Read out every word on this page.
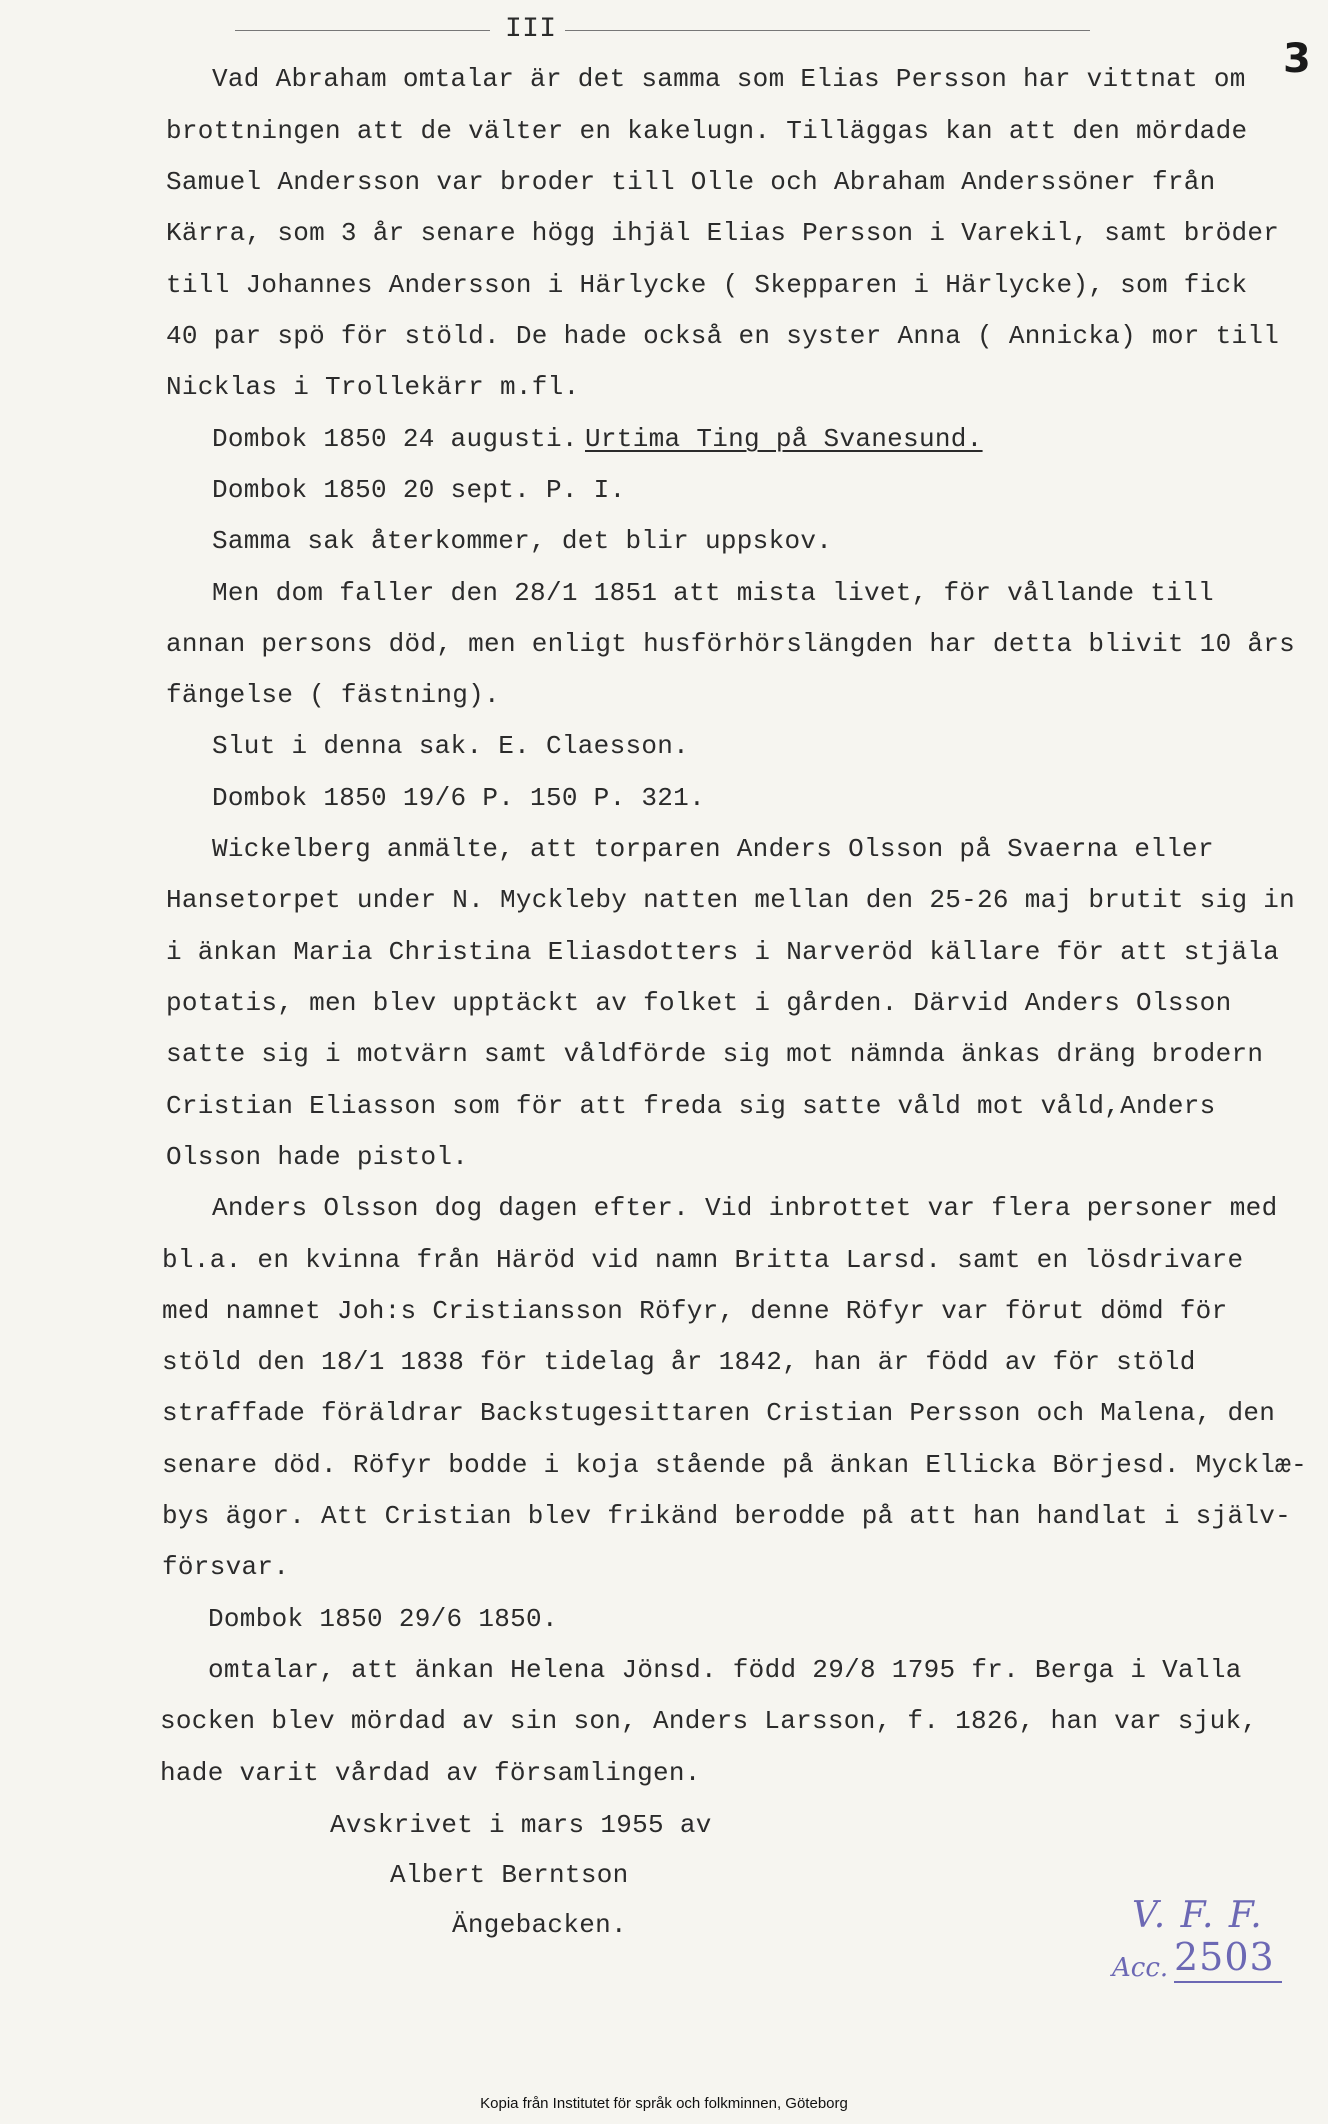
III
3
Vad Abraham omtalar är det samma som Elias Persson har vittnat om
brottningen att de välter en kakelugn. Tilläggas kan att den mördade
Samuel Andersson var broder till Olle och Abraham Anderssöner från
Kärra, som 3 år senare högg ihjäl Elias Persson i Varekil, samt bröder
till Johannes Andersson i Härlycke ( Skepparen i Härlycke), som fick
40 par spö för stöld. De hade också en syster Anna ( Annicka) mor till
Nicklas i Trollekärr m.fl.
Dombok 1850 24 augusti. Urtima Ting på Svanesund.
Dombok 1850 20 sept. P. I.
Samma sak återkommer, det blir uppskov.
Men dom faller den 28/1 1851 att mista livet, för vållande till
annan persons död, men enligt husförhörslängden har detta blivit 10 års
fängelse ( fästning).
Slut i denna sak. E. Claesson.
Dombok 1850 19/6 P. 150 P. 321.
Wickelberg anmälte, att torparen Anders Olsson på Svaerna eller
Hansetorpet under N. Myckleby natten mellan den 25-26 maj brutit sig in
i änkan Maria Christina Eliasdotters i Narveröd källare för att stjäla
potatis, men blev upptäckt av folket i gården. Därvid Anders Olsson
satte sig i motvärn samt våldförde sig mot nämnda änkas dräng brodern
Cristian Eliasson som för att freda sig satte våld mot våld,Anders
Olsson hade pistol.
Anders Olsson dog dagen efter. Vid inbrottet var flera personer med
bl.a. en kvinna från Häröd vid namn Britta Larsd. samt en lösdrivare
med namnet Joh:s Cristiansson Röfyr, denne Röfyr var förut dömd för
stöld den 18/1 1838 för tidelag år 1842, han är född av för stöld
straffade föräldrar Backstugesittaren Cristian Persson och Malena, den
senare död. Röfyr bodde i koja stående på änkan Ellicka Börjesd. Mycklæ-
bys ägor. Att Cristian blev frikänd berodde på att han handlat i själv-
försvar.
Dombok 1850 29/6 1850.
omtalar, att änkan Helena Jönsd. född 29/8 1795 fr. Berga i Valla
socken blev mördad av sin son, Anders Larsson, f. 1826, han var sjuk,
hade varit vårdad av församlingen.
Avskrivet i mars 1955 av
Albert Berntson
Ängebacken.	V. F. F.
Acc. 2503
Kopia från Institutet för språk och folkminnen, Göteborg
